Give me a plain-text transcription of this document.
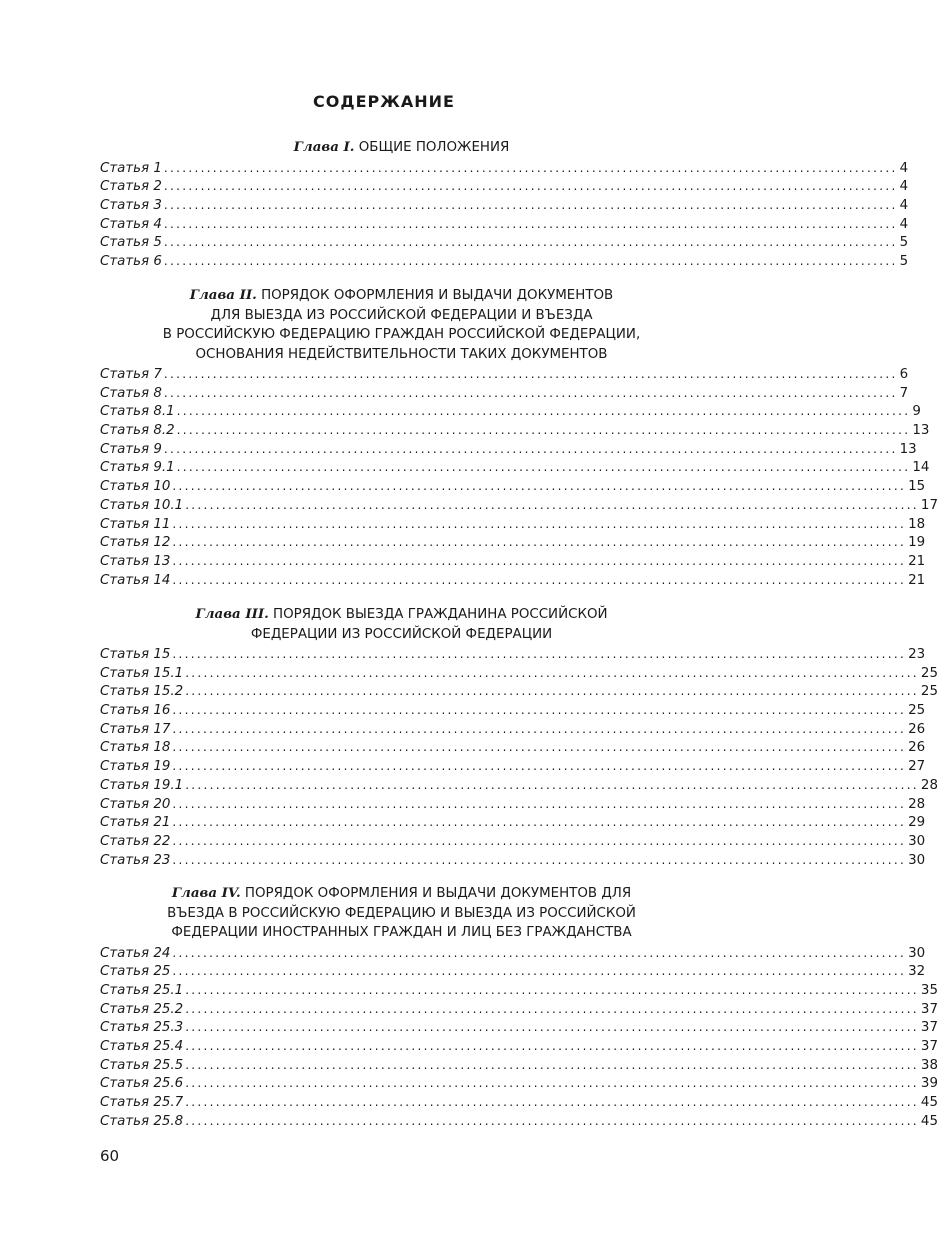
СОДЕРЖАНИЕ
Глава I. ОБЩИЕ ПОЛОЖЕНИЯ
Статья 1 ........................................................................................................................ 4
Статья 2 ........................................................................................................................ 4
Статья 3 ........................................................................................................................ 4
Статья 4 ........................................................................................................................ 4
Статья 5 ........................................................................................................................ 5
Статья 6 ........................................................................................................................ 5
Глава II. ПОРЯДОК ОФОРМЛЕНИЯ И ВЫДАЧИ ДОКУМЕНТОВ
ДЛЯ ВЫЕЗДА ИЗ РОССИЙСКОЙ ФЕДЕРАЦИИ И ВЪЕЗДА
В РОССИЙСКУЮ ФЕДЕРАЦИЮ ГРАЖДАН РОССИЙСКОЙ ФЕДЕРАЦИИ,
ОСНОВАНИЯ НЕДЕЙСТВИТЕЛЬНОСТИ ТАКИХ ДОКУМЕНТОВ
Статья 7 ........................................................................................................................ 6
Статья 8 ........................................................................................................................ 7
Статья 8.1 ........................................................................................................................ 9
Статья 8.2 ........................................................................................................................ 13
Статья 9 ........................................................................................................................ 13
Статья 9.1 ........................................................................................................................ 14
Статья 10 ........................................................................................................................ 15
Статья 10.1 ........................................................................................................................ 17
Статья 11 ........................................................................................................................ 18
Статья 12 ........................................................................................................................ 19
Статья 13 ........................................................................................................................ 21
Статья 14 ........................................................................................................................ 21
Глава III. ПОРЯДОК ВЫЕЗДА ГРАЖДАНИНА РОССИЙСКОЙ
ФЕДЕРАЦИИ ИЗ РОССИЙСКОЙ ФЕДЕРАЦИИ
Статья 15 ........................................................................................................................ 23
Статья 15.1 ........................................................................................................................ 25
Статья 15.2 ........................................................................................................................ 25
Статья 16 ........................................................................................................................ 25
Статья 17 ........................................................................................................................ 26
Статья 18 ........................................................................................................................ 26
Статья 19 ........................................................................................................................ 27
Статья 19.1 ........................................................................................................................ 28
Статья 20 ........................................................................................................................ 28
Статья 21 ........................................................................................................................ 29
Статья 22 ........................................................................................................................ 30
Статья 23 ........................................................................................................................ 30
Глава IV. ПОРЯДОК ОФОРМЛЕНИЯ И ВЫДАЧИ ДОКУМЕНТОВ ДЛЯ
ВЪЕЗДА В РОССИЙСКУЮ ФЕДЕРАЦИЮ И ВЫЕЗДА ИЗ РОССИЙСКОЙ
ФЕДЕРАЦИИ ИНОСТРАННЫХ ГРАЖДАН И ЛИЦ БЕЗ ГРАЖДАНСТВА
Статья 24 ........................................................................................................................ 30
Статья 25 ........................................................................................................................ 32
Статья 25.1 ........................................................................................................................ 35
Статья 25.2 ........................................................................................................................ 37
Статья 25.3 ........................................................................................................................ 37
Статья 25.4 ........................................................................................................................ 37
Статья 25.5 ........................................................................................................................ 38
Статья 25.6 ........................................................................................................................ 39
Статья 25.7 ........................................................................................................................ 45
Статья 25.8 ........................................................................................................................ 45
60
